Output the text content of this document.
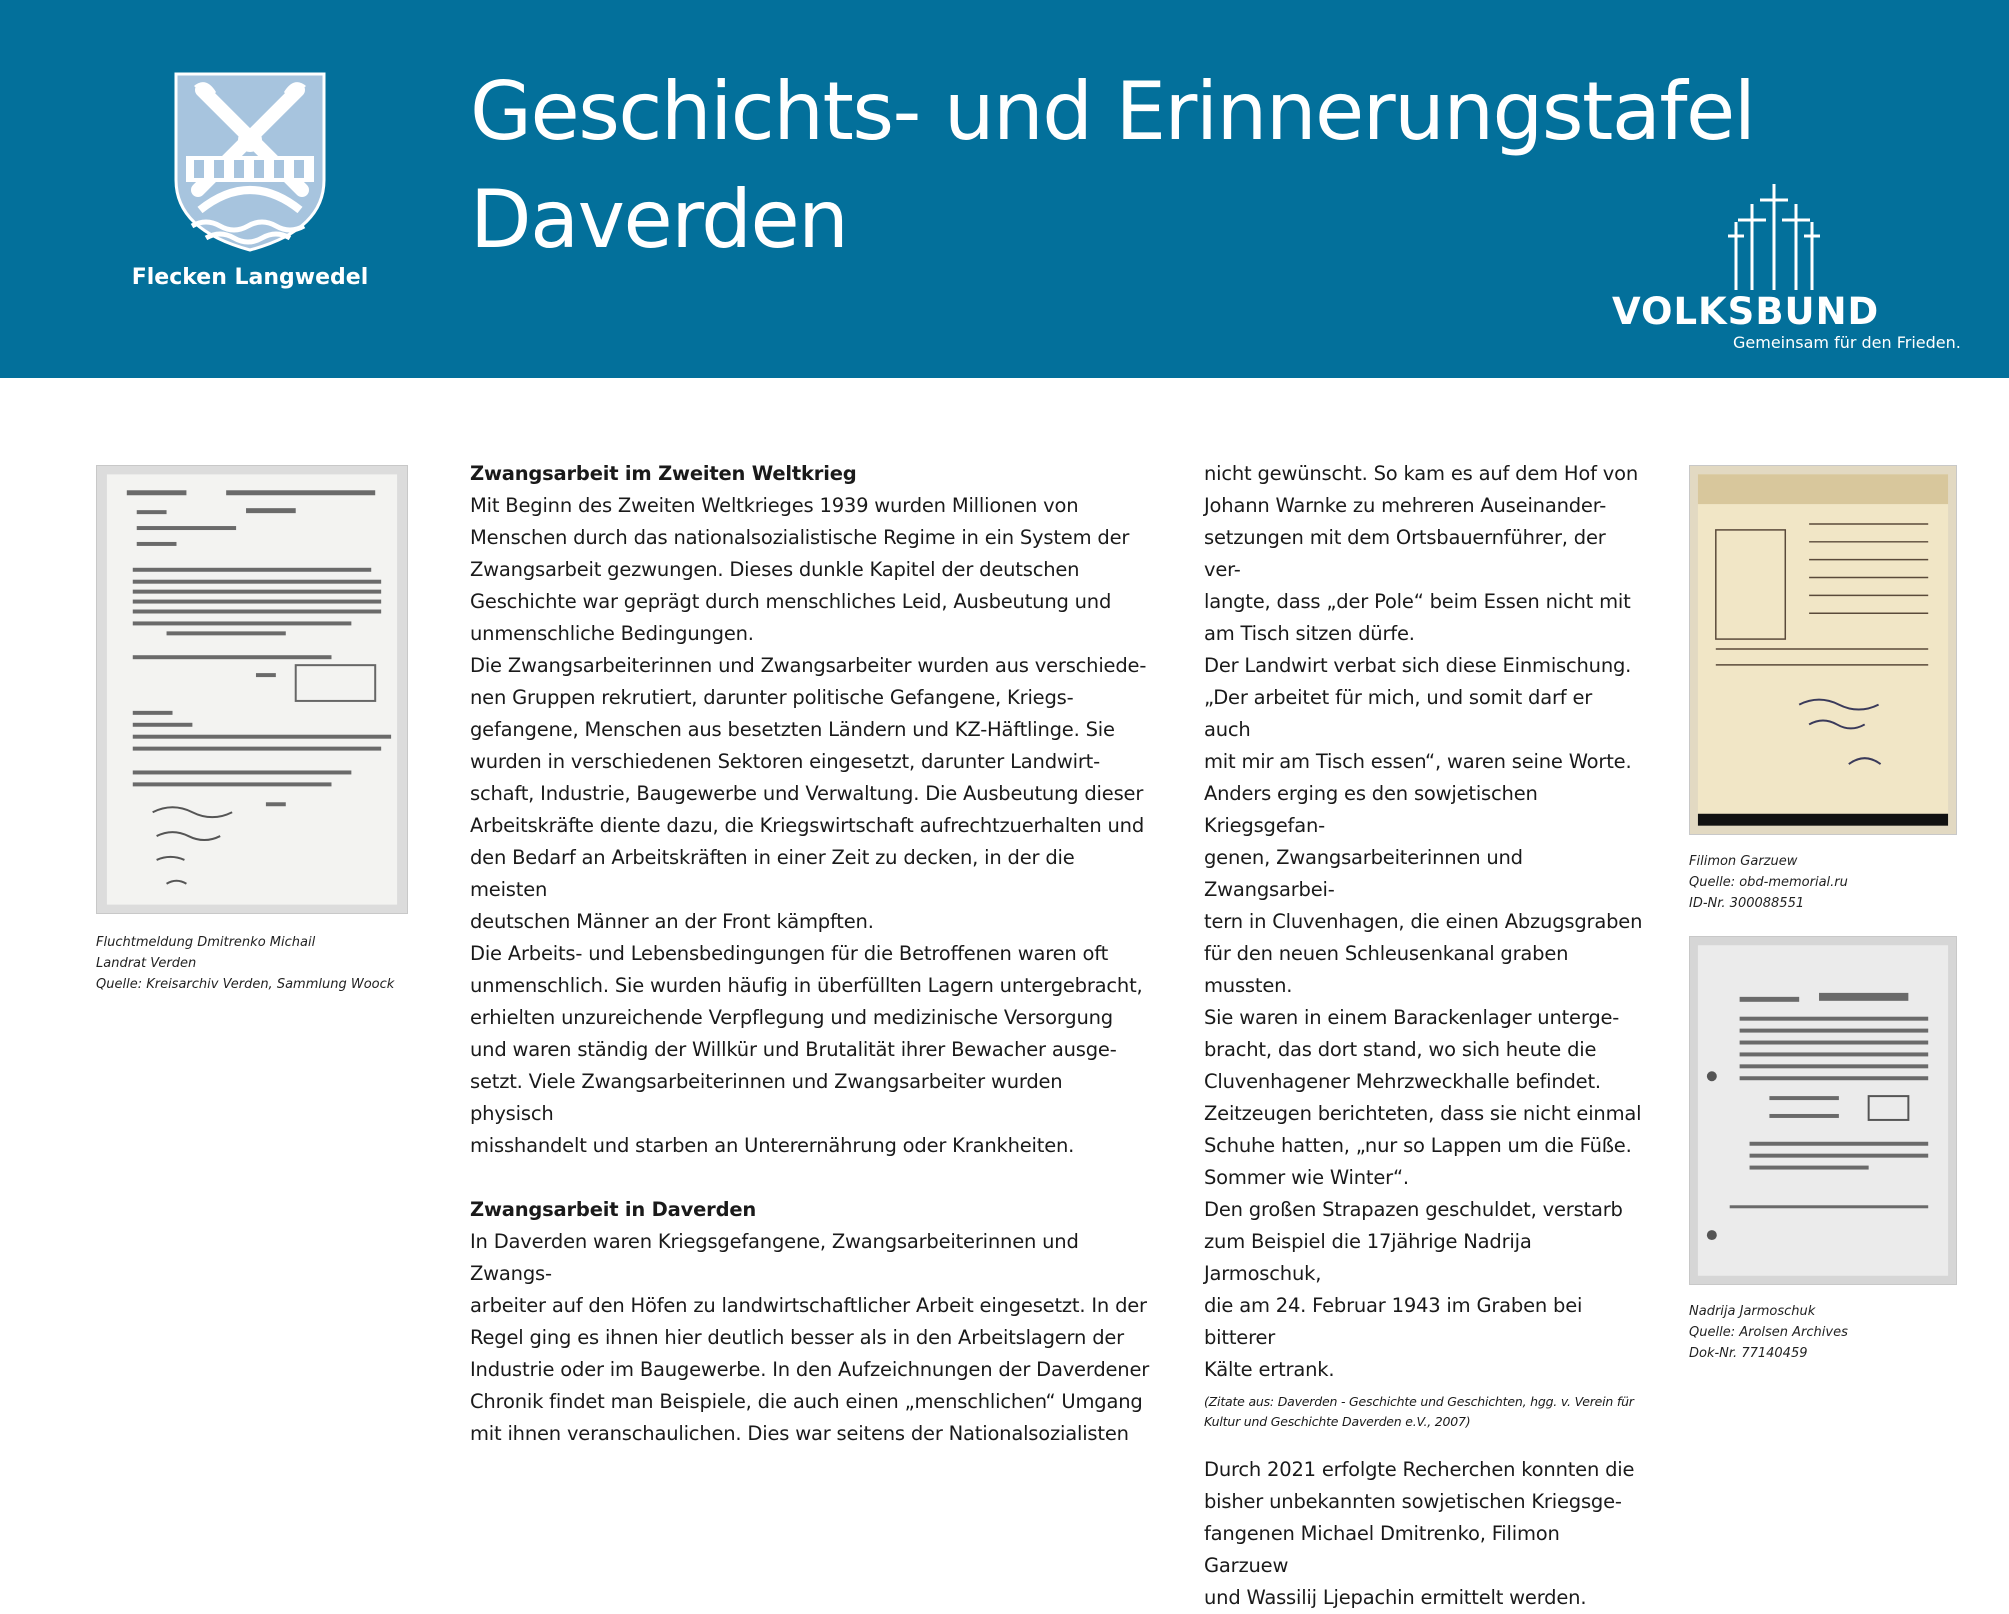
Flecken Langwedel
Geschichts- und Erinnerungstafel
Daverden
VOLKSBUND
Gemeinsam für den Frieden.
Fluchtmeldung Dmitrenko Michail
Landrat Verden
Quelle: Kreisarchiv Verden, Sammlung Woock

Zwangsarbeit im Zweiten Weltkrieg

Mit Beginn des Zweiten Weltkrieges 1939 wurden Millionen von

Menschen durch das nationalsozialistische Regime in ein System der

Zwangsarbeit gezwungen. Dieses dunkle Kapitel der deutschen

Geschichte war geprägt durch menschliches Leid, Ausbeutung und

unmenschliche Bedingungen.

Die Zwangsarbeiterinnen und Zwangsarbeiter wurden aus verschiede-

nen Gruppen rekrutiert, darunter politische Gefangene, Kriegs-

gefangene, Menschen aus besetzten Ländern und KZ-Häftlinge. Sie

wurden in verschiedenen Sektoren eingesetzt, darunter Landwirt-

schaft, Industrie, Baugewerbe und Verwaltung. Die Ausbeutung dieser

Arbeitskräfte diente dazu, die Kriegswirtschaft aufrechtzuerhalten und

den Bedarf an Arbeitskräften in einer Zeit zu decken, in der die meisten

deutschen Männer an der Front kämpften.

Die Arbeits- und Lebensbedingungen für die Betroffenen waren oft

unmenschlich. Sie wurden häufig in überfüllten Lagern untergebracht,

erhielten unzureichende Verpflegung und medizinische Versorgung

und waren ständig der Willkür und Brutalität ihrer Bewacher ausge-

setzt. Viele Zwangsarbeiterinnen und Zwangsarbeiter wurden physisch

misshandelt und starben an Unterernährung oder Krankheiten.

Zwangsarbeit in Daverden

In Daverden waren Kriegsgefangene, Zwangsarbeiterinnen und Zwangs-

arbeiter auf den Höfen zu landwirtschaftlicher Arbeit eingesetzt. In der

Regel ging es ihnen hier deutlich besser als in den Arbeitslagern der

Industrie oder im Baugewerbe. In den Aufzeichnungen der Daverdener

Chronik findet man Beispiele, die auch einen „menschlichen“ Umgang

mit ihnen veranschaulichen. Dies war seitens der Nationalsozialisten

nicht gewünscht. So kam es auf dem Hof von

Johann Warnke zu mehreren Auseinander-

setzungen mit dem Ortsbauernführer, der ver-

langte, dass „der Pole“ beim Essen nicht mit

am Tisch sitzen dürfe.

Der Landwirt verbat sich diese Einmischung.

„Der arbeitet für mich, und somit darf er auch

mit mir am Tisch essen“, waren seine Worte.

Anders erging es den sowjetischen Kriegsgefan-

genen, Zwangsarbeiterinnen und Zwangsarbei-

tern in Cluvenhagen, die einen Abzugsgraben

für den neuen Schleusenkanal graben mussten.

Sie waren in einem Barackenlager unterge-

bracht, das dort stand, wo sich heute die

Cluvenhagener Mehrzweckhalle befindet.

Zeitzeugen berichteten, dass sie nicht einmal

Schuhe hatten, „nur so Lappen um die Füße.

Sommer wie Winter“.

Den großen Strapazen geschuldet, verstarb

zum Beispiel die 17jährige Nadrija Jarmoschuk,

die am 24. Februar 1943 im Graben bei bitterer

Kälte ertrank.

(Zitate aus: Daverden - Geschichte und Geschichten, hgg. v. Verein für
Kultur und Geschichte Daverden e.V., 2007)

Durch 2021 erfolgte Recherchen konnten die

bisher unbekannten sowjetischen Kriegsge-

fangenen Michael Dmitrenko, Filimon Garzuew

und Wassilij Ljepachin ermittelt werden.

Filimon Garzuew
Quelle: obd-memorial.ru
ID-Nr. 300088551
Nadrija Jarmoschuk
Quelle: Arolsen Archives
Dok-Nr. 77140459
